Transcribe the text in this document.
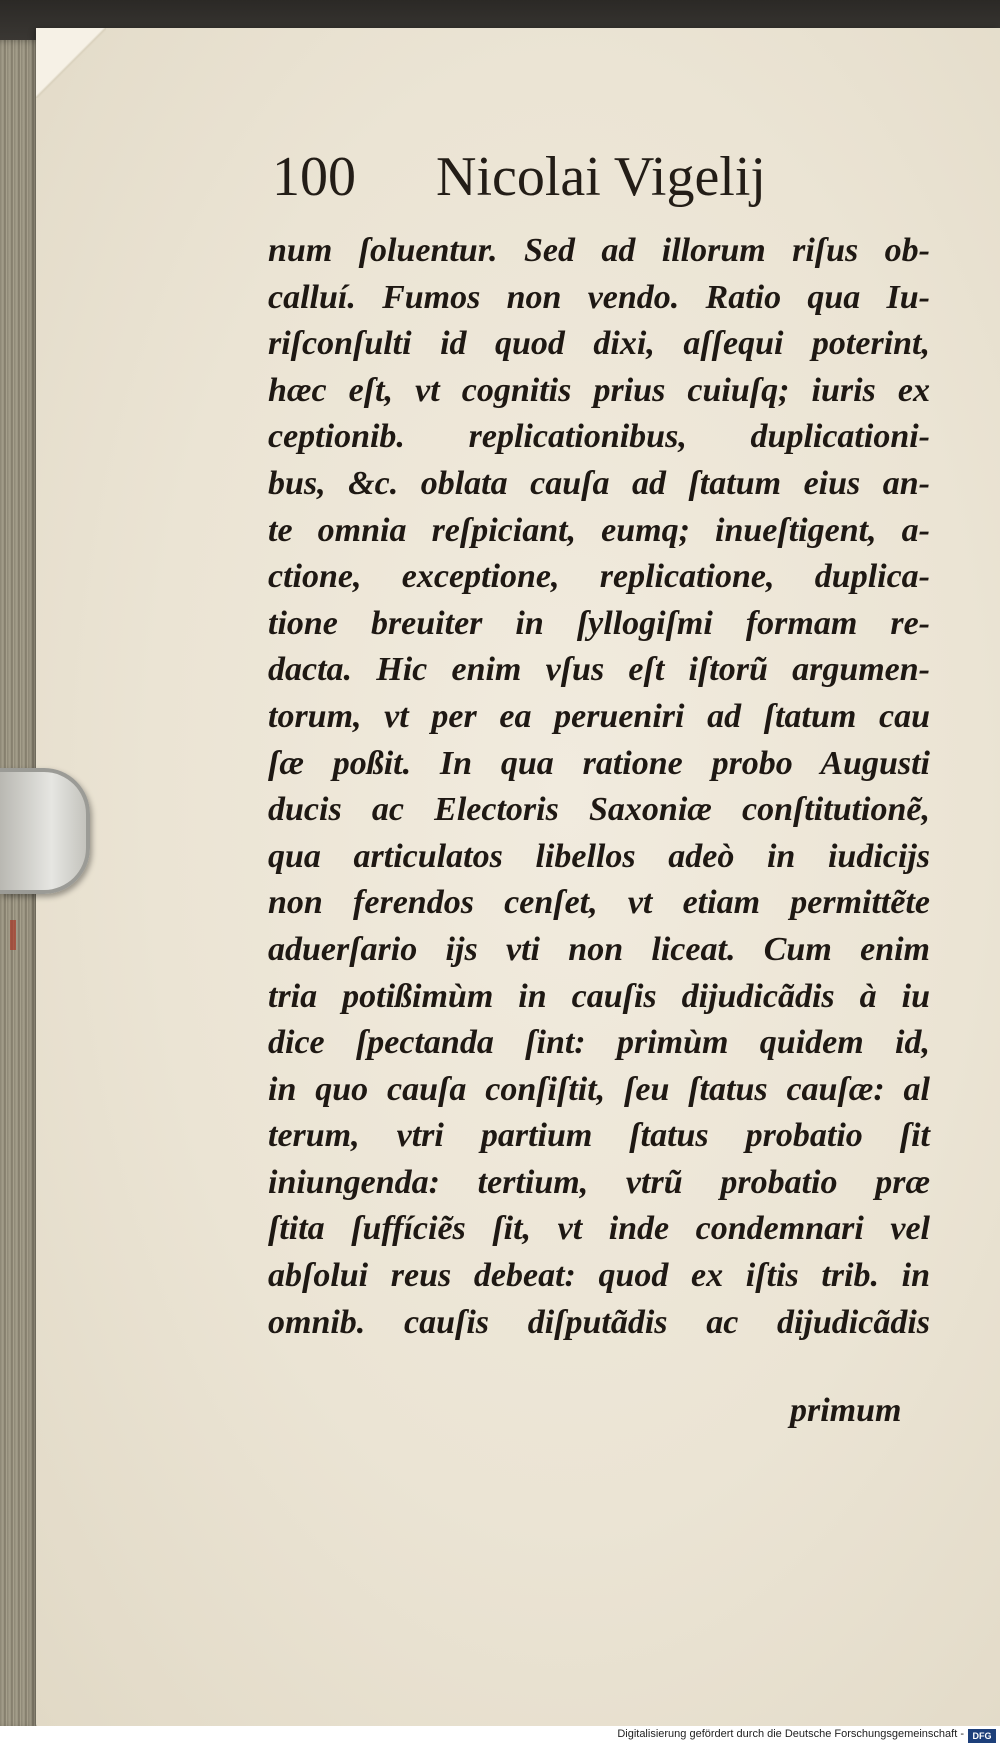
100 Nicolai Vigelij
num ſoluentur. Sed ad illorum riſus ob-
calluí. Fumos non vendo. Ratio qua Iu-
riſconſulti id quod dixi, aſſequi poterint,
hæc eſt, vt cognitis prius cuiuſq; iuris ex
ceptionib. replicationibus, duplicationi-
bus, &c. oblata cauſa ad ſtatum eius an-
te omnia reſpiciant, eumq; inueſtigent, a-
ctione, exceptione, replicatione, duplica-
tione breuiter in ſyllogiſmi formam re-
dacta. Hic enim vſus eſt iſtorũ argumen-
torum, vt per ea perueniri ad ſtatum cau
ſæ poßit. In qua ratione probo Augusti
ducis ac Electoris Saxoniæ conſtitutionẽ,
qua articulatos libellos adeò in iudicijs
non ferendos cenſet, vt etiam permittẽte
aduerſario ijs vti non liceat. Cum enim
tria potißimùm in cauſis dijudicãdis à iu
dice ſpectanda ſint: primùm quidem id,
in quo cauſa conſiſtit, ſeu ſtatus cauſæ: al
terum, vtri partium ſtatus probatio ſit
iniungenda: tertium, vtrũ probatio præ
ſtita ſuffíciẽs ſit, vt inde condemnari vel
abſolui reus debeat: quod ex iſtis trib. in
omnib. cauſis diſputãdis ac dijudicãdis
primum
Digitalisierung gefördert durch die Deutsche Forschungsgemeinschaft - DFG
